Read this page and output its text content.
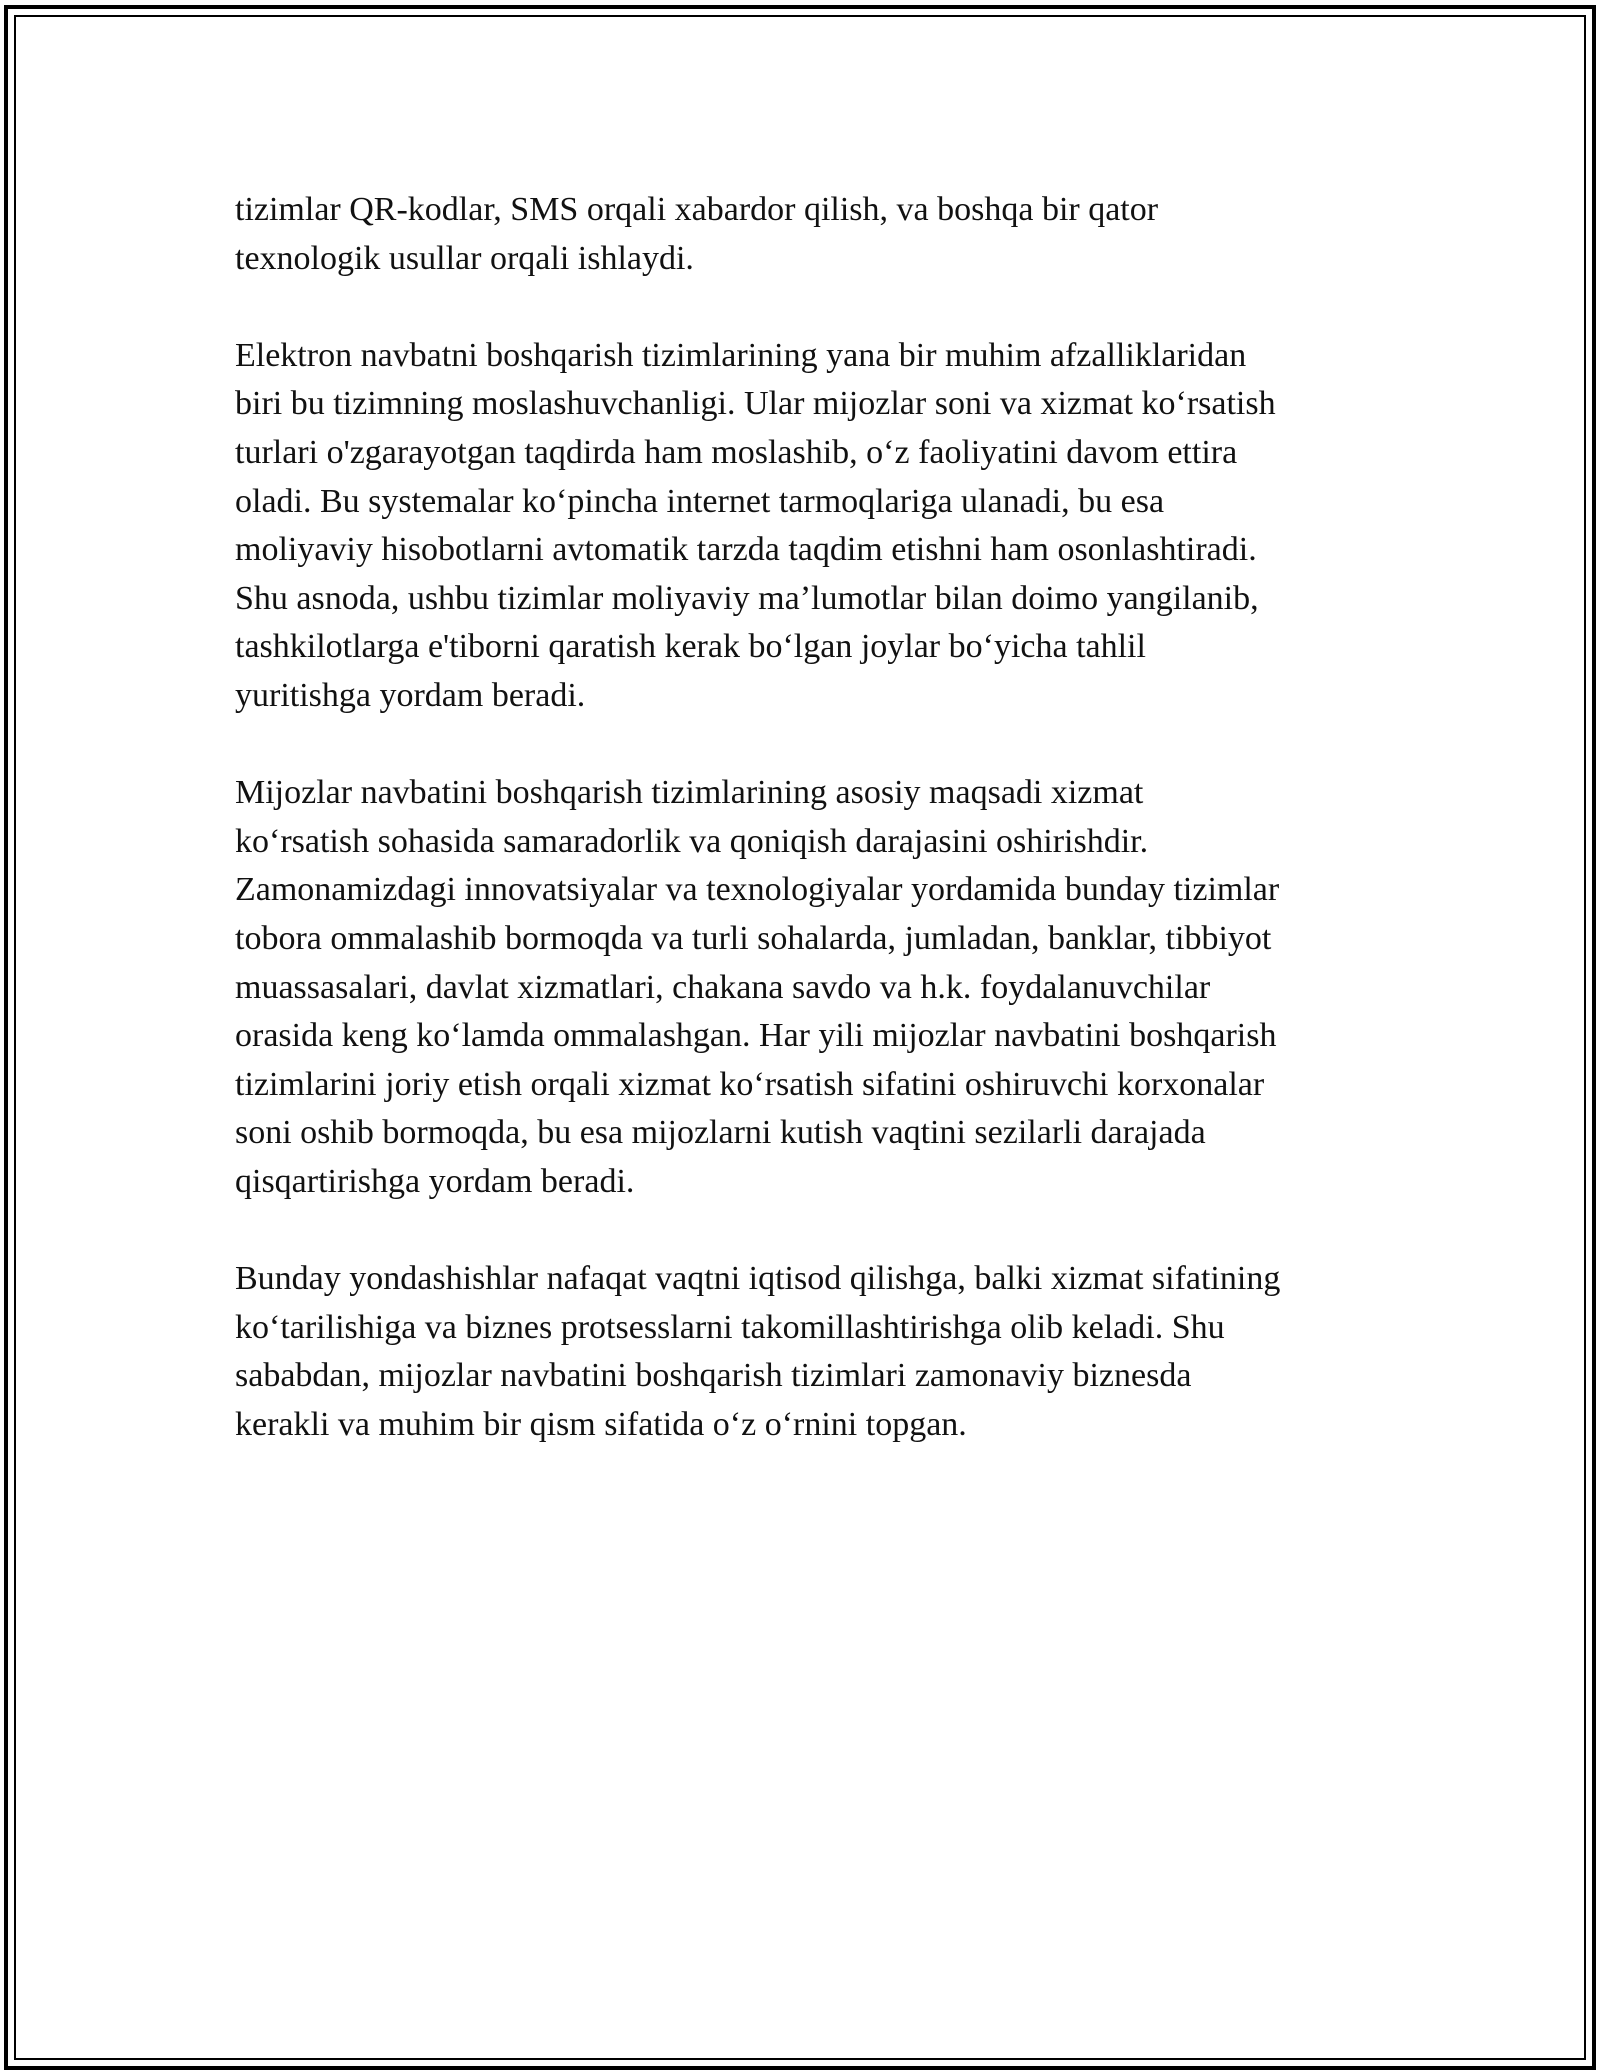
tizimlar QR-kodlar, SMS orqali xabardor qilish, va boshqa bir qator
texnologik usullar orqali ishlaydi.

Elektron navbatni boshqarish tizimlarining yana bir muhim afzalliklaridan
biri bu tizimning moslashuvchanligi. Ular mijozlar soni va xizmat koʻrsatish
turlari o'zgarayotgan taqdirda ham moslashib, oʻz faoliyatini davom ettira
oladi. Bu systemalar koʻpincha internet tarmoqlariga ulanadi, bu esa
moliyaviy hisobotlarni avtomatik tarzda taqdim etishni ham osonlashtiradi.
Shu asnoda, ushbu tizimlar moliyaviy maʼlumotlar bilan doimo yangilanib,
tashkilotlarga e'tiborni qaratish kerak boʻlgan joylar boʻyicha tahlil
yuritishga yordam beradi.

Mijozlar navbatini boshqarish tizimlarining asosiy maqsadi xizmat
koʻrsatish sohasida samaradorlik va qoniqish darajasini oshirishdir.
Zamonamizdagi innovatsiyalar va texnologiyalar yordamida bunday tizimlar
tobora ommalashib bormoqda va turli sohalarda, jumladan, banklar, tibbiyot
muassasalari, davlat xizmatlari, chakana savdo va h.k. foydalanuvchilar
orasida keng koʻlamda ommalashgan. Har yili mijozlar navbatini boshqarish
tizimlarini joriy etish orqali xizmat koʻrsatish sifatini oshiruvchi korxonalar
soni oshib bormoqda, bu esa mijozlarni kutish vaqtini sezilarli darajada
qisqartirishga yordam beradi.

Bunday yondashishlar nafaqat vaqtni iqtisod qilishga, balki xizmat sifatining
koʻtarilishiga va biznes protsesslarni takomillashtirishga olib keladi. Shu
sababdan, mijozlar navbatini boshqarish tizimlari zamonaviy biznesda
kerakli va muhim bir qism sifatida oʻz oʻrnini topgan.
